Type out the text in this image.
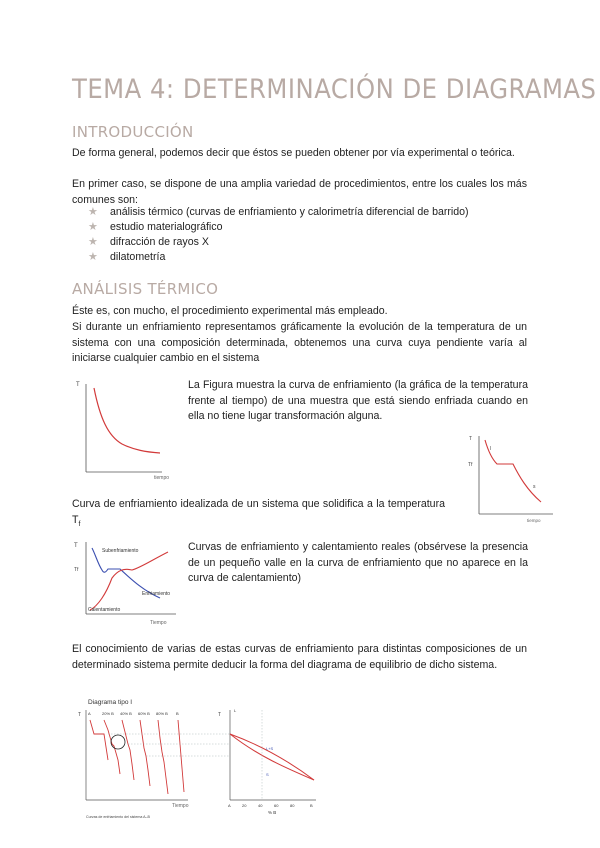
TEMA 4: DETERMINACIÓN DE DIAGRAMAS
INTRODUCCIÓN
De forma general, podemos decir que éstos se pueden obtener por vía experimental o teórica.
En primer caso, se dispone de una amplia variedad de procedimientos, entre los cuales los más comunes son:
★ análisis térmico (curvas de enfriamiento y calorimetría diferencial de barrido)
★ estudio materialográfico
★ difracción de rayos X
★ dilatometría
ANÁLISIS TÉRMICO
Éste es, con mucho, el procedimiento experimental más empleado.
Si durante un enfriamiento representamos gráficamente la evolución de la temperatura de un sistema con una composición determinada, obtenemos una curva cuya pendiente varía al iniciarse cualquier cambio en el sistema
T
tiempo
La Figura muestra la curva de enfriamiento (la gráfica de la temperatura frente al tiempo) de una muestra que está siendo enfriada cuando en ella no tiene lugar transformación alguna.
T
Tf
l
s
tiempo
Curva de enfriamiento idealizada de un sistema que solidifica a la temperatura $T_f$
T
Tf
Subenfriamiento
Enfriamiento
Calentamiento
Tiempo
Curvas de enfriamiento y calentamiento reales (obsérvese la presencia de un pequeño valle en la curva de enfriamiento que no aparece en la curva de calentamiento)
El conocimiento de varias de estas curvas de enfriamiento para distintas composiciones de un determinado sistema permite deducir la forma del diagrama de equilibrio de dicho sistema.
Diagrama tipo I
T A	20% B 40% B 60% B 80% B B
Tiempo
T
L
L+S
S
A	20	40	60	80	B
% B
Curvas de enfriamiento del sistema A–B
